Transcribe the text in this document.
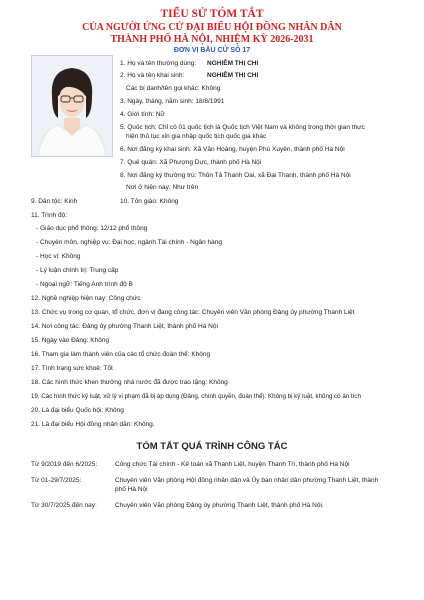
TIỂU SỬ TÓM TẮT
CỦA NGƯỜI ỨNG CỬ ĐẠI BIỂU HỘI ĐỒNG NHÂN DÂN
THÀNH PHỐ HÀ NỘI, NHIỆM KỲ 2026-2031
ĐƠN VỊ BẦU CỬ SỐ 17
1. Họ và tên thường dùng: NGHIÊM THỊ CHI
2. Họ và tên khai sinh:	NGHIÊM THỊ CHI
Các bí danh/tên gọi khác: Không
3. Ngày, tháng, năm sinh: 18/8/1991
4. Giới tính: Nữ
5. Quốc tịch: Chỉ có 01 quốc tịch là Quốc tịch Việt Nam và không trong thời gian thực
hiện thủ tục xin gia nhập quốc tịch quốc gia khác
6. Nơi đăng ký khai sinh: Xã Văn Hoàng, huyện Phú Xuyên, thành phố Hà Nội
7. Quê quán: Xã Phượng Dực, thành phố Hà Nội
8. Nơi đăng ký thường trú: Thôn Tả Thanh Oai, xã Đại Thanh, thành phố Hà Nội
Nơi ở hiện nay: Như trên
9. Dân tộc: Kinh	10. Tôn giáo: Không
11. Trình độ:
- Giáo dục phổ thông: 12/12 phổ thông
- Chuyên môn, nghiệp vụ: Đại học, ngành Tài chính - Ngân hàng
- Học vị: Không
- Lý luận chính trị: Trung cấp
- Ngoại ngữ: Tiếng Anh trình độ B
12. Nghề nghiệp hiện nay: Công chức
13. Chức vụ trong cơ quan, tổ chức, đơn vị đang công tác: Chuyên viên Văn phòng Đảng ủy phường Thanh Liệt
14. Nơi công tác: Đảng ủy phường Thanh Liệt, thành phố Hà Nội
15. Ngày vào Đảng: Không
16. Tham gia làm thành viên của các tổ chức đoàn thể: Không
17. Tình trạng sức khoẻ: Tốt
18. Các hình thức khen thưởng nhà nước đã được trao tặng: Không
19. Các hình thức kỷ luật, xử lý vi phạm đã bị áp dụng (Đảng, chính quyền, đoàn thể): Không bị kỷ luật, không có án tích
20. Là đại biểu Quốc hội: Không
21. Là đại biểu Hội đồng nhân dân: Không.
TÓM TẮT QUÁ TRÌNH CÔNG TÁC
Từ 9/2019 đến 6/2025:	Công chức Tài chính - Kế toán xã Thanh Liệt, huyện Thanh Trì, thành phố Hà Nội
Từ 01-29/7/2025:	Chuyên viên Văn phòng Hội đồng nhân dân và Ủy ban nhân dân phường Thanh Liệt, thành phố Hà Nội
Từ 30/7/2025 đến nay:	Chuyên viên Văn phòng Đảng ủy phường Thanh Liệt, thành phố Hà Nội.
